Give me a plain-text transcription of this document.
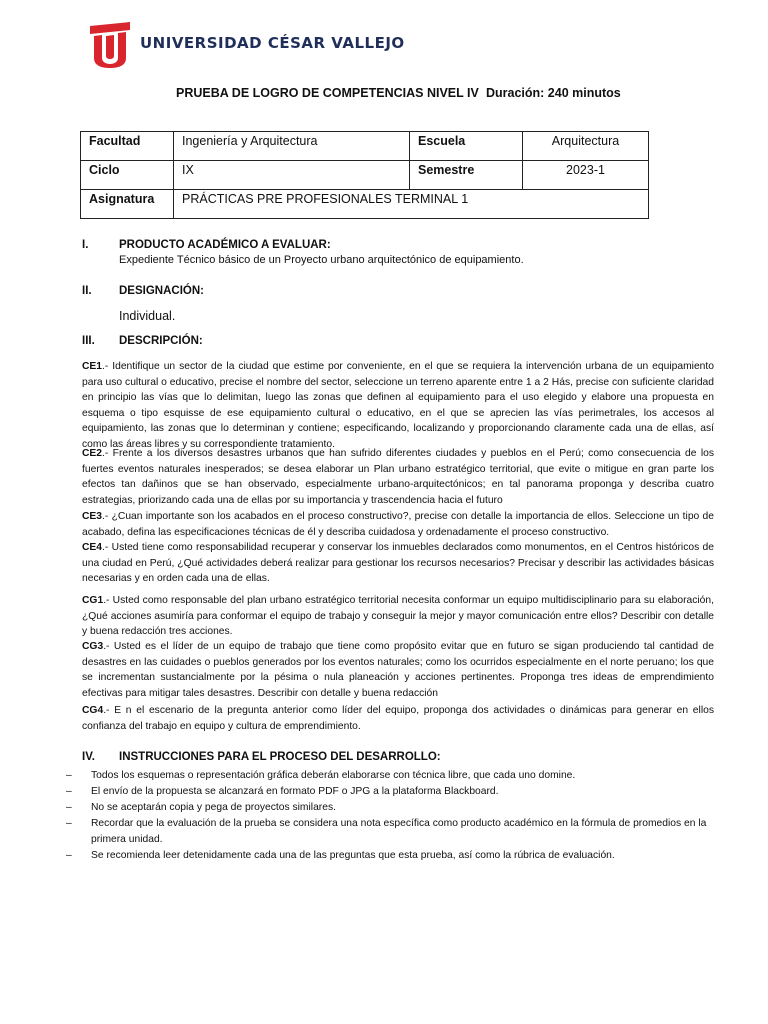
UNIVERSIDAD CÉSAR VALLEJO
PRUEBA DE LOGRO DE COMPETENCIAS NIVEL IV Duración: 240 minutos
Facultad	Ingeniería y Arquitectura	Escuela	Arquitectura
Ciclo	IX	Semestre	2023-1
Asignatura	PRÁCTICAS PRE PROFESIONALES TERMINAL 1		
I.	PRODUCTO ACADÉMICO A EVALUAR:
Expediente Técnico básico de un Proyecto urbano arquitectónico de equipamiento.
II. DESIGNACIÓN:
Individual.
III. DESCRIPCIÓN:

CE1.- Identifique un sector de la ciudad que estime por conveniente, en el que se requiera la intervención urbana de un equipamiento para uso cultural o educativo, precise el nombre del sector, seleccione un terreno aparente entre 1 a 2 Hás, precise con suficiente claridad en principio las vías que lo delimitan, luego las zonas que definen al equipamiento para el uso elegido y elabore una propuesta en esquema o tipo esquisse de ese equipamiento cultural o educativo, en el que se aprecien las vías perimetrales, los accesos al equipamiento, las zonas que lo determinan y contiene; especificando, localizando y proporcionando claramente cada una de ellas, así como las áreas libres y su correspondiente tratamiento.

CE2.- Frente a los diversos desastres urbanos que han sufrido diferentes ciudades y pueblos en el Perú; como consecuencia de los fuertes eventos naturales inesperados; se desea elaborar un Plan urbano estratégico territorial, que evite o mitigue en gran parte los efectos tan dañinos que se han observado, especialmente urbano-arquitectónicos; en tal panorama proponga y describa cuatro estrategias, priorizando cada una de ellas por su importancia y trascendencia hacia el futuro

CE3.- ¿Cuan importante son los acabados en el proceso constructivo?, precise con detalle la importancia de ellos. Seleccione un tipo de acabado, defina las especificaciones técnicas de él y describa cuidadosa y ordenadamente el proceso constructivo.

CE4.- Usted tiene como responsabilidad recuperar y conservar los inmuebles declarados como monumentos, en el Centros históricos de una ciudad en Perú, ¿Qué actividades deberá realizar para gestionar los recursos necesarios? Precisar y describir las actividades básicas necesarias y en orden cada una de ellas.

CG1.- Usted como responsable del plan urbano estratégico territorial necesita conformar un equipo multidisciplinario para su elaboración, ¿Qué acciones asumiría para conformar el equipo de trabajo y conseguir la mejor y mayor comunicación entre ellos? Describir con detalle y buena redacción tres acciones.

CG3.- Usted es el líder de un equipo de trabajo que tiene como propósito evitar que en futuro se sigan produciendo tal cantidad de desastres en las cuidades o pueblos generados por los eventos naturales; como los ocurridos especialmente en el norte peruano; los que se incrementan sustancialmente por la pésima o nula planeación y acciones pertinentes. Proponga tres ideas de emprendimiento efectivas para mitigar tales desastres. Describir con detalle y buena redacción

CG4.- E n el escenario de la pregunta anterior como líder del equipo, proponga dos actividades o dinámicas para generar en ellos confianza del trabajo en equipo y cultura de emprendimiento.

IV. INSTRUCCIONES PARA EL PROCESO DEL DESARROLLO:
– Todos los esquemas o representación gráfica deberán elaborarse con técnica libre, que cada uno domine.
– El envío de la propuesta se alcanzará en formato PDF o JPG a la plataforma Blackboard.
– No se aceptarán copia y pega de proyectos similares.
– Recordar que la evaluación de la prueba se considera una nota específica como producto académico en la fórmula de promedios en la primera unidad.
– Se recomienda leer detenidamente cada una de las preguntas que esta prueba, así como la rúbrica de evaluación.
